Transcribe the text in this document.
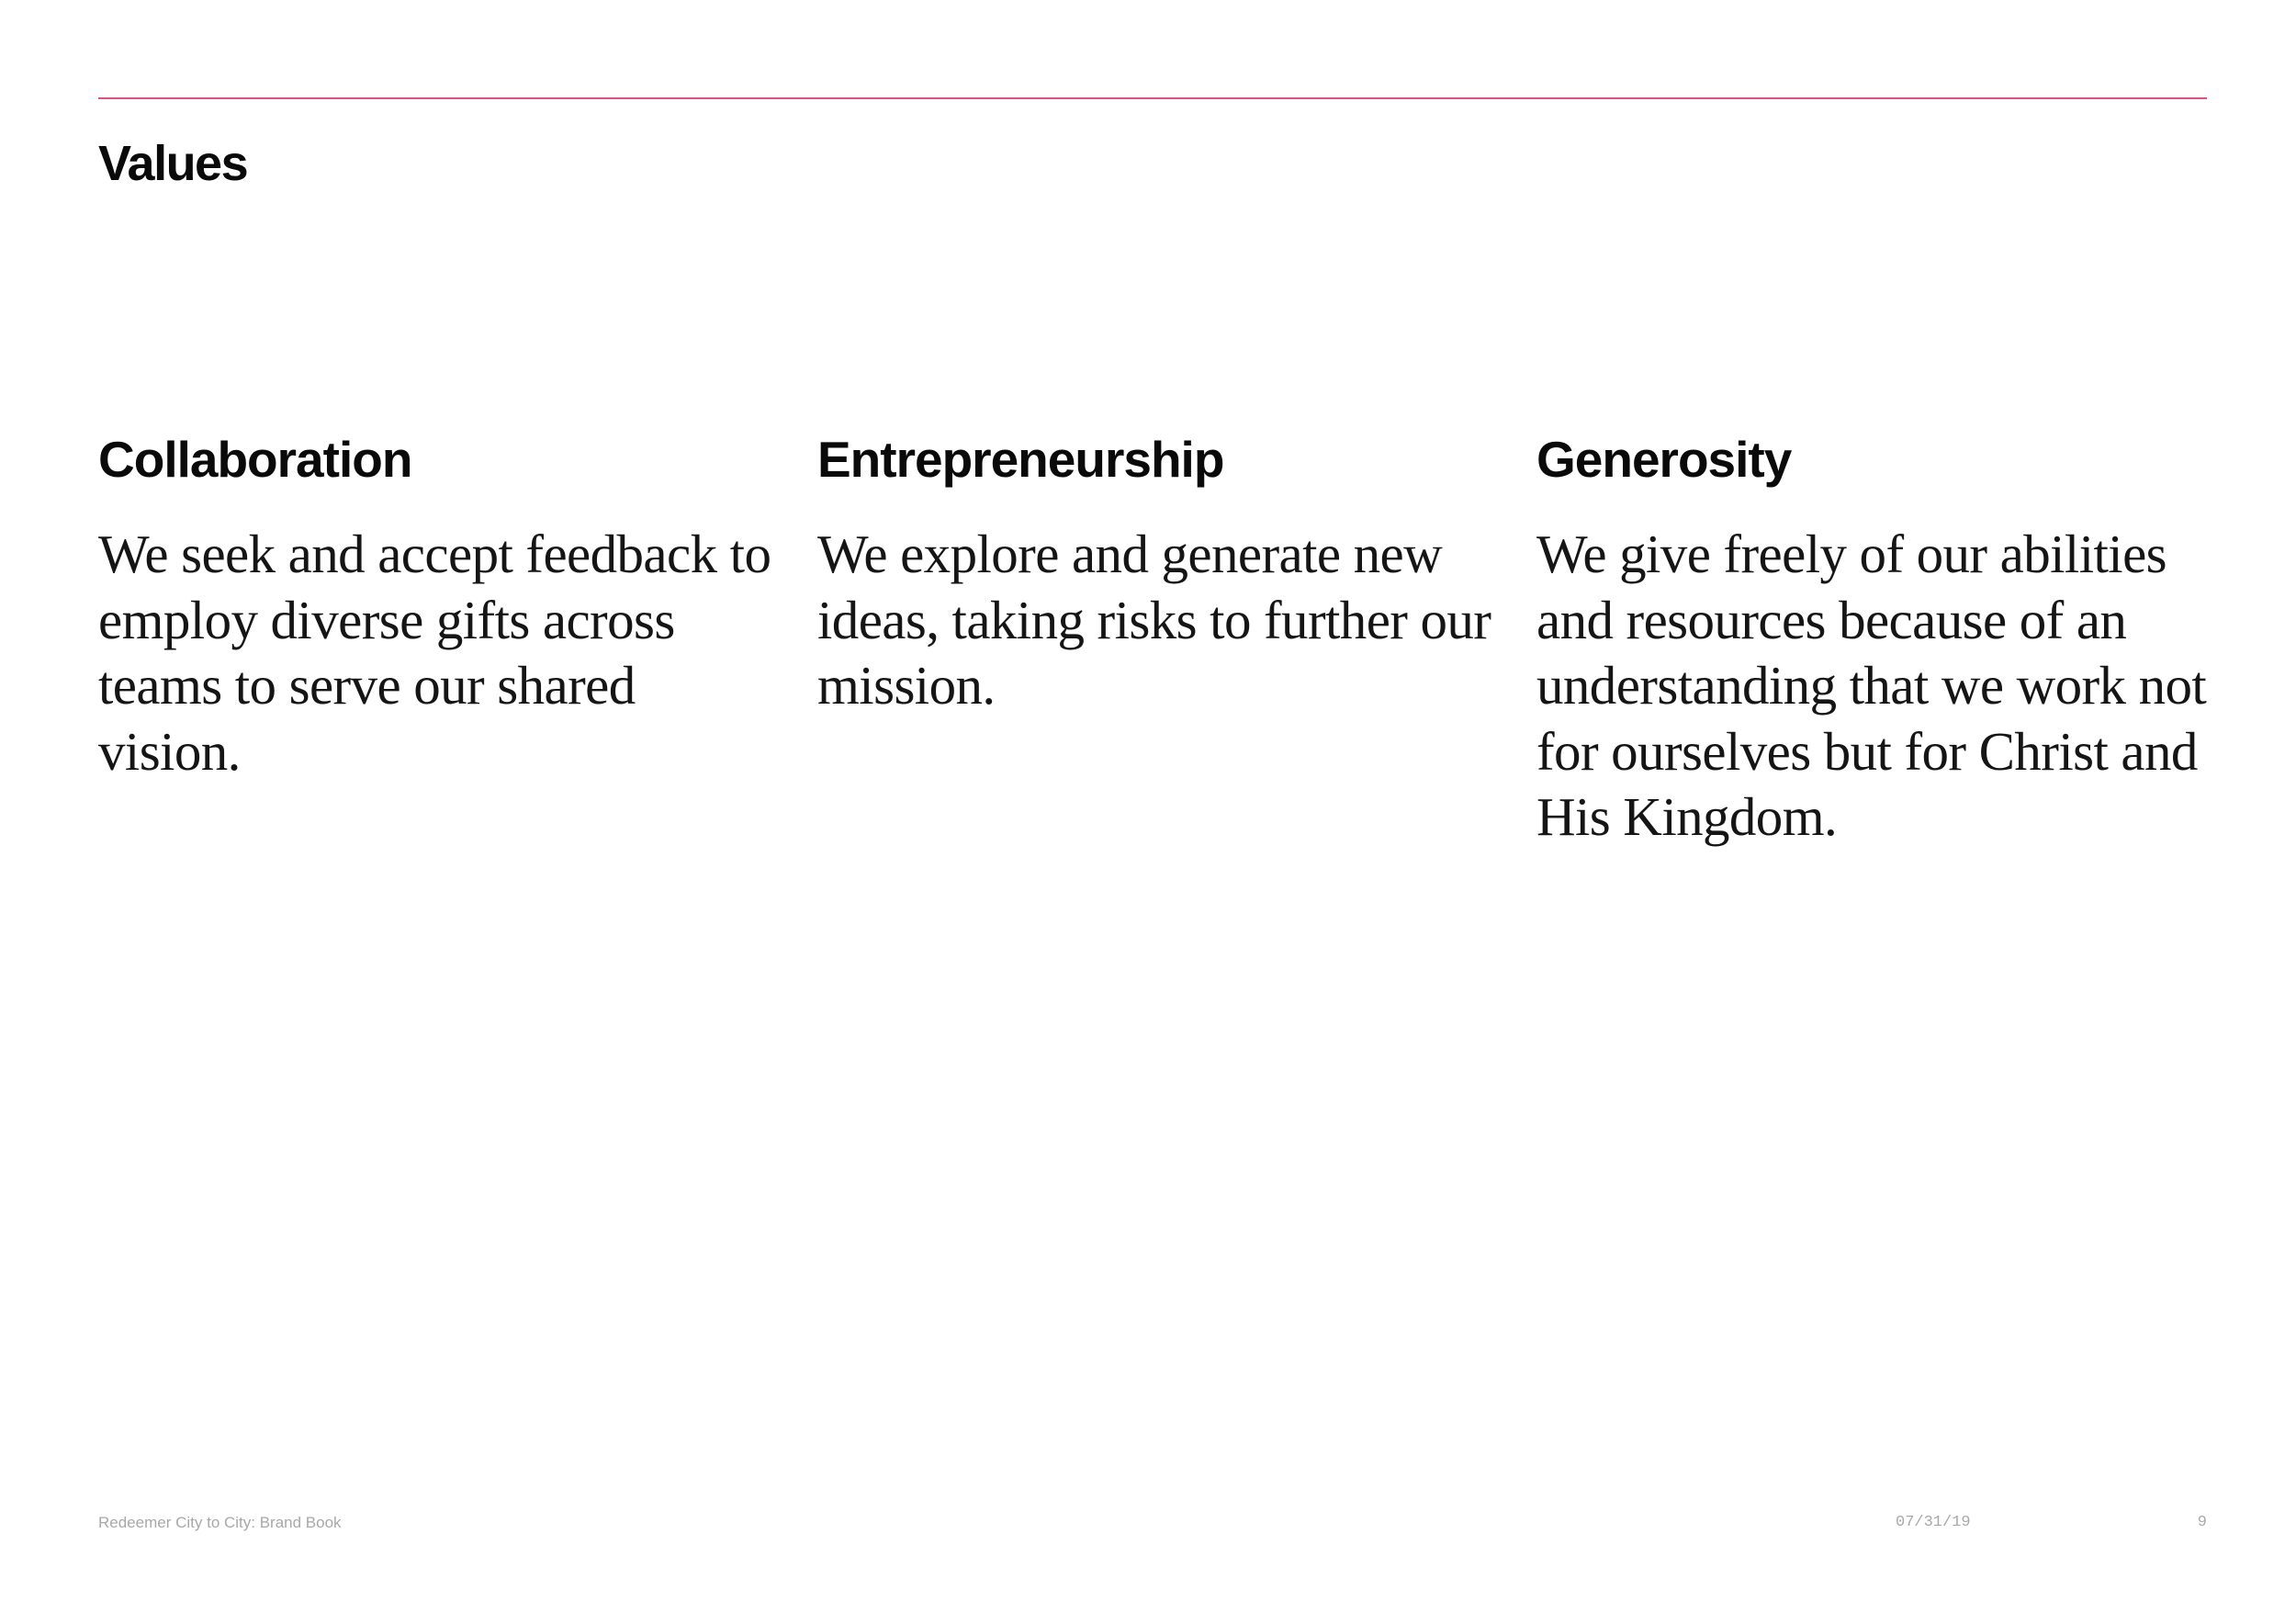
Values
Collaboration

We seek and accept feedback to employ diverse gifts across teams to serve our shared vision.

Entrepreneurship

We explore and generate new ideas, taking risks to further our mission.

Generosity

We give freely of our abilities and resources because of an understanding that we work not for ourselves but for Christ and His Kingdom.

Redeemer City to City: Brand Book	07/31/19	9
